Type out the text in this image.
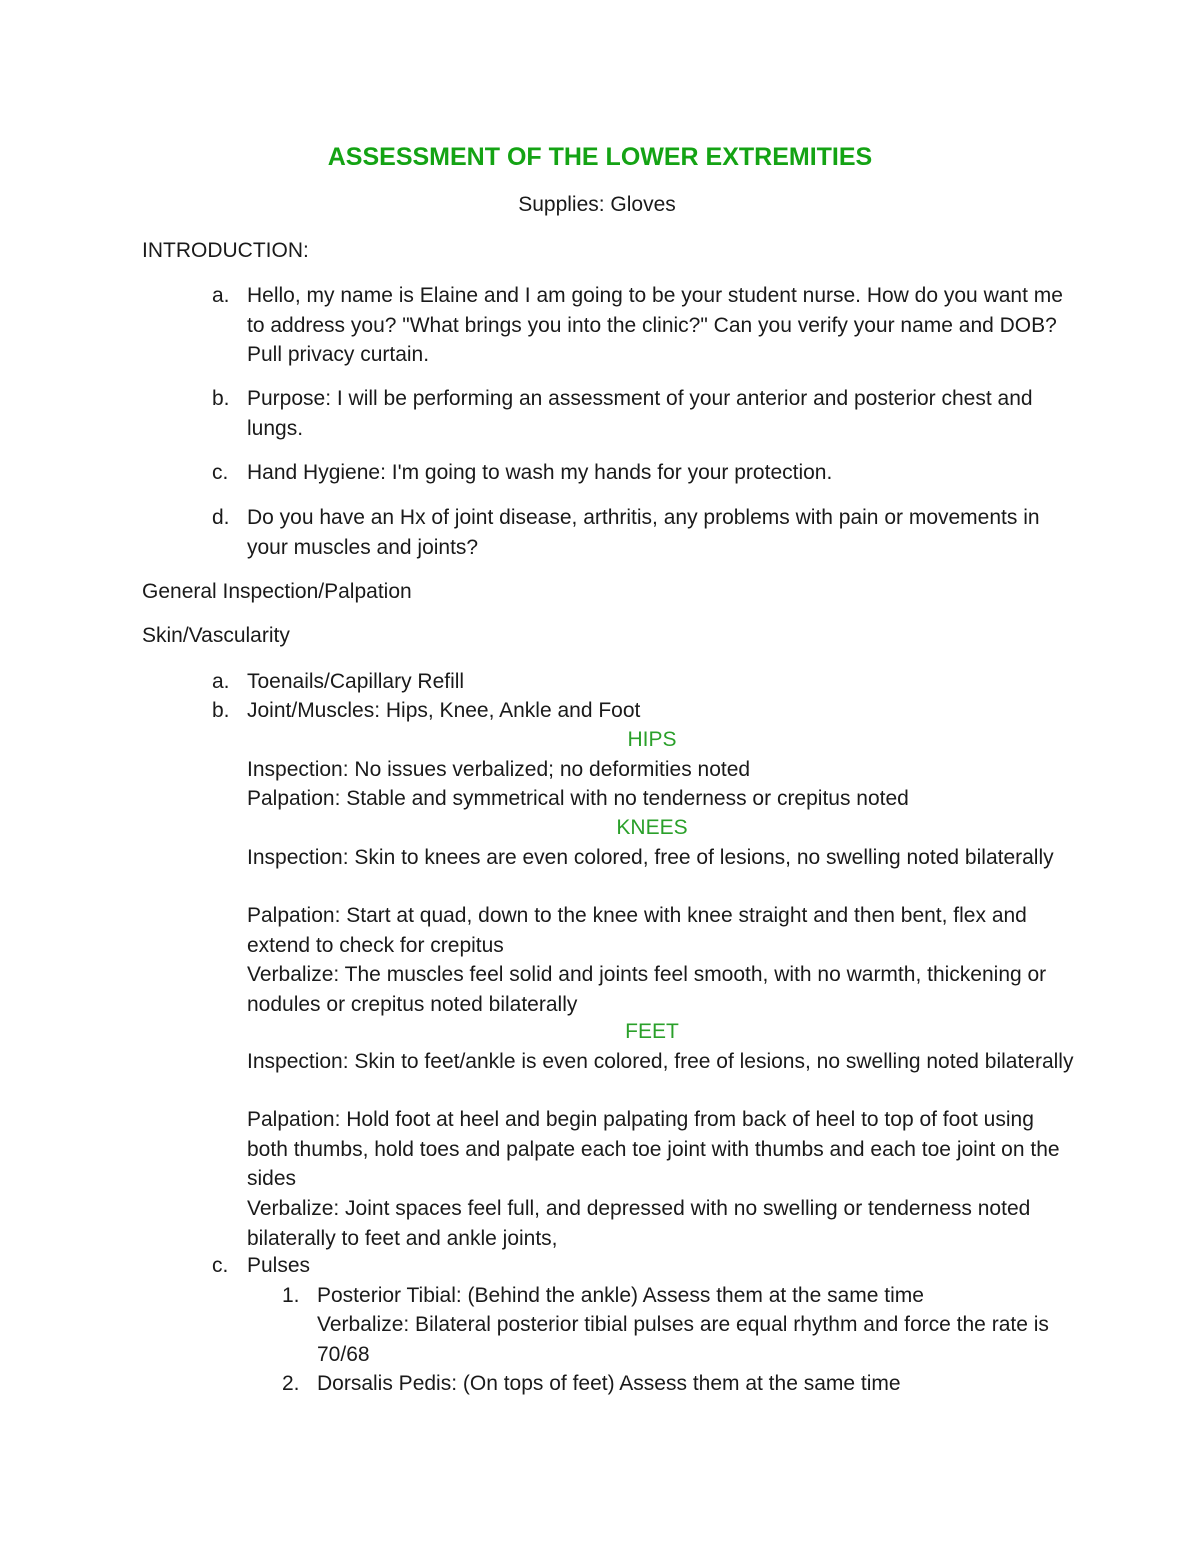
ASSESSMENT OF THE LOWER EXTREMITIES
Supplies: Gloves
INTRODUCTION:
a. Hello, my name is Elaine and I am going to be your student nurse. How do you want me to address you? "What brings you into the clinic?" Can you verify your name and DOB? Pull privacy curtain.
b. Purpose: I will be performing an assessment of your anterior and posterior chest and lungs.
c. Hand Hygiene: I'm going to wash my hands for your protection.
d. Do you have an Hx of joint disease, arthritis, any problems with pain or movements in your muscles and joints?
General Inspection/Palpation
Skin/Vascularity
a. Toenails/Capillary Refill
b. Joint/Muscles: Hips, Knee, Ankle and Foot
HIPS
Inspection: No issues verbalized; no deformities noted
Palpation: Stable and symmetrical with no tenderness or crepitus noted
KNEES
Inspection: Skin to knees are even colored, free of lesions, no swelling noted bilaterally
Palpation: Start at quad, down to the knee with knee straight and then bent, flex and extend to check for crepitus
Verbalize: The muscles feel solid and joints feel smooth, with no warmth, thickening or nodules or crepitus noted bilaterally
FEET
Inspection: Skin to feet/ankle is even colored, free of lesions, no swelling noted bilaterally
Palpation: Hold foot at heel and begin palpating from back of heel to top of foot using both thumbs, hold toes and palpate each toe joint with thumbs and each toe joint on the sides
Verbalize: Joint spaces feel full, and depressed with no swelling or tenderness noted bilaterally to feet and ankle joints,
c. Pulses
1. Posterior Tibial: (Behind the ankle) Assess them at the same time
Verbalize: Bilateral posterior tibial pulses are equal rhythm and force the rate is 70/68
2. Dorsalis Pedis: (On tops of feet) Assess them at the same time
